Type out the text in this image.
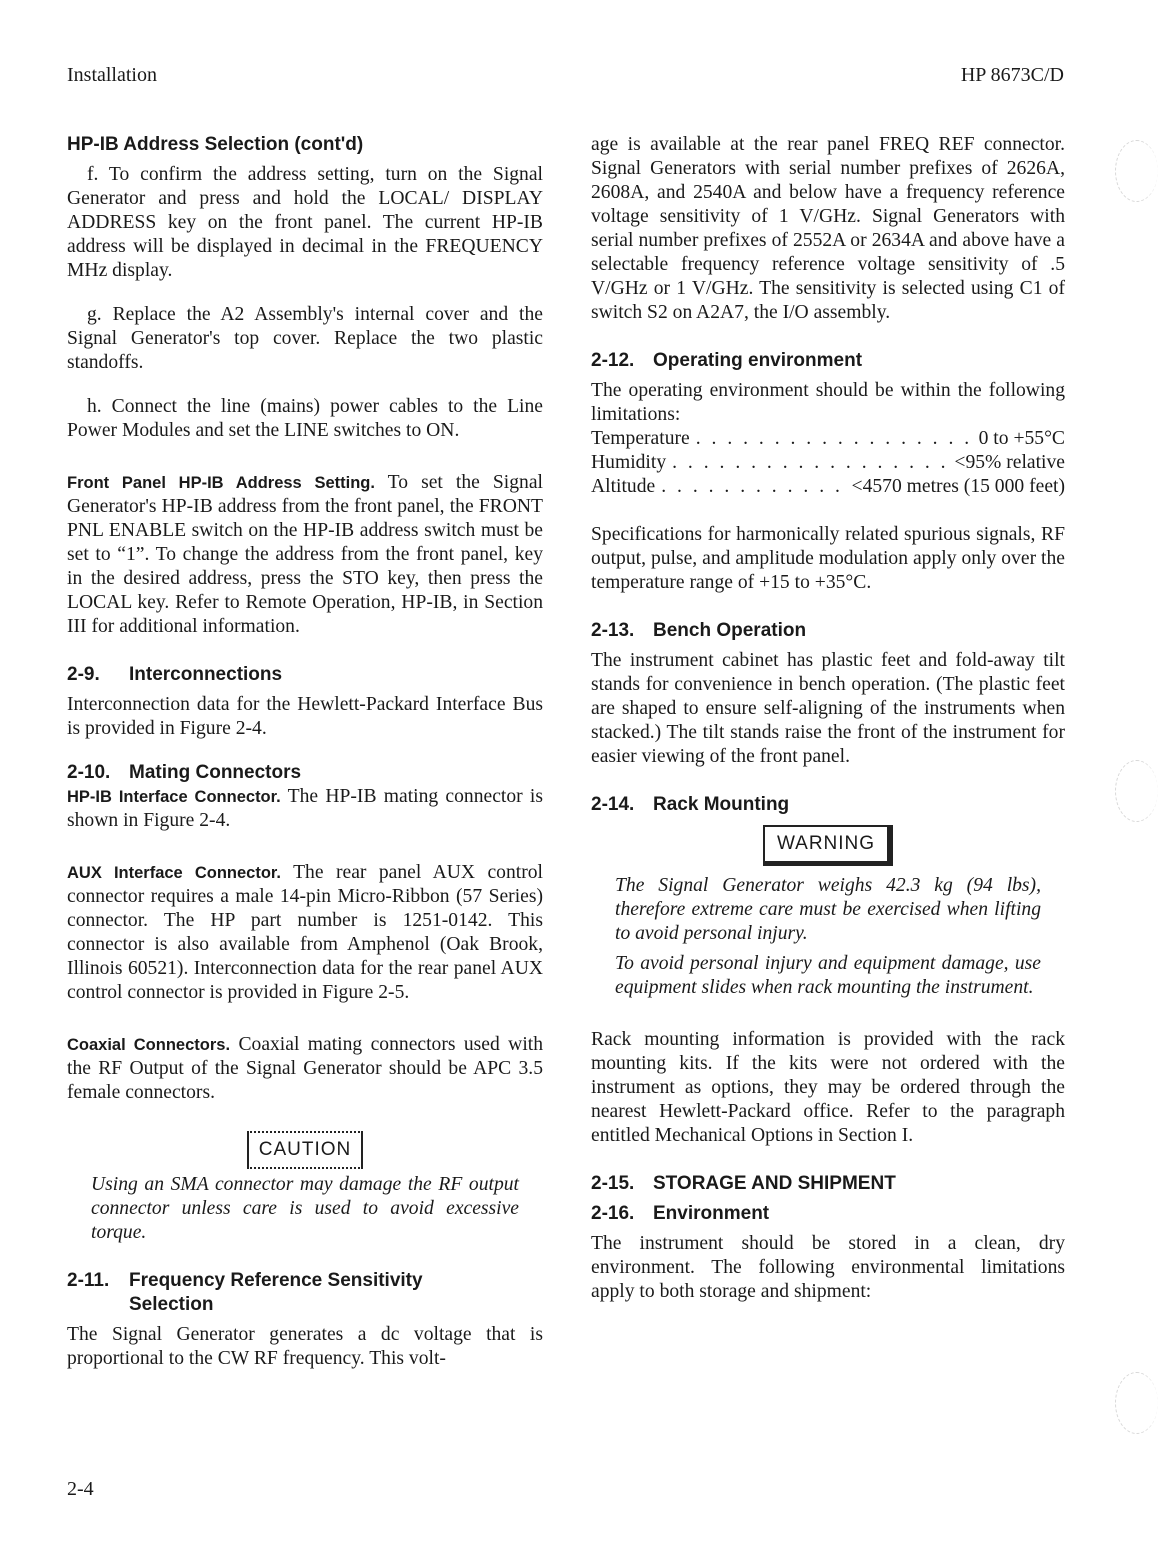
Installation	HP 8673C/D
HP-IB Address Selection (cont'd)

f. To confirm the address setting, turn on the Signal Generator and press and hold the LOCAL/ DISPLAY ADDRESS key on the front panel. The current HP-IB address will be displayed in decimal in the FREQUENCY MHz display.

g. Replace the A2 Assembly's internal cover and the Signal Generator's top cover. Replace the two plastic standoffs.

h. Connect the line (mains) power cables to the Line Power Modules and set the LINE switches to ON.

Front Panel HP-IB Address Setting. To set the Signal Generator's HP-IB address from the front panel, the FRONT PNL ENABLE switch on the HP-IB address switch must be set to “1”. To change the address from the front panel, key in the desired address, press the STO key, then press the LOCAL key. Refer to Remote Operation, HP-IB, in Section III for additional information.

2-9. Interconnections

Interconnection data for the Hewlett-Packard Interface Bus is provided in Figure 2-4.

2-10. Mating Connectors

HP-IB Interface Connector. The HP-IB mating connector is shown in Figure 2-4.

AUX Interface Connector. The rear panel AUX control connector requires a male 14-pin Micro-Ribbon (57 Series) connector. The HP part number is 1251-0142. This connector is also available from Amphenol (Oak Brook, Illinois 60521). Interconnection data for the rear panel AUX control connector is provided in Figure 2-5.

Coaxial Connectors. Coaxial mating connectors used with the RF Output of the Signal Generator should be APC 3.5 female connectors.

CAUTION

Using an SMA connector may damage the RF output connector unless care is used to avoid excessive torque.

2-11.	Frequency Reference Sensitivity Selection

The Signal Generator generates a dc voltage that is proportional to the CW RF frequency. This volt-

age is available at the rear panel FREQ REF connector. Signal Generators with serial number prefixes of 2626A, 2608A, and 2540A and below have a frequency reference voltage sensitivity of 1 V/GHz. Signal Generators with serial number prefixes of 2552A or 2634A and above have a selectable frequency reference voltage sensitivity of .5 V/GHz or 1 V/GHz. The sensitivity is selected using C1 of switch S2 on A2A7, the I/O assembly.

2-12. Operating environment

The operating environment should be within the following limitations:

Temperature . . .	0 to +55°C
Humidity . . .	<95% relative
Altitude . . .	<4570 metres (15 000 feet)

Specifications for harmonically related spurious signals, RF output, pulse, and amplitude modulation apply only over the temperature range of +15 to +35°C.

2-13. Bench Operation

The instrument cabinet has plastic feet and fold-away tilt stands for convenience in bench operation. (The plastic feet are shaped to ensure self-aligning of the instruments when stacked.) The tilt stands raise the front of the instrument for easier viewing of the front panel.

2-14. Rack Mounting
WARNING

The Signal Generator weighs 42.3 kg (94 lbs), therefore extreme care must be exercised when lifting to avoid personal injury.

To avoid personal injury and equipment damage, use equipment slides when rack mounting the instrument.

Rack mounting information is provided with the rack mounting kits. If the kits were not ordered with the instrument as options, they may be ordered through the nearest Hewlett-Packard office. Refer to the paragraph entitled Mechanical Options in Section I.

2-15. STORAGE AND SHIPMENT
2-16. Environment

The instrument should be stored in a clean, dry environment. The following environmental limitations apply to both storage and shipment:

2-4
